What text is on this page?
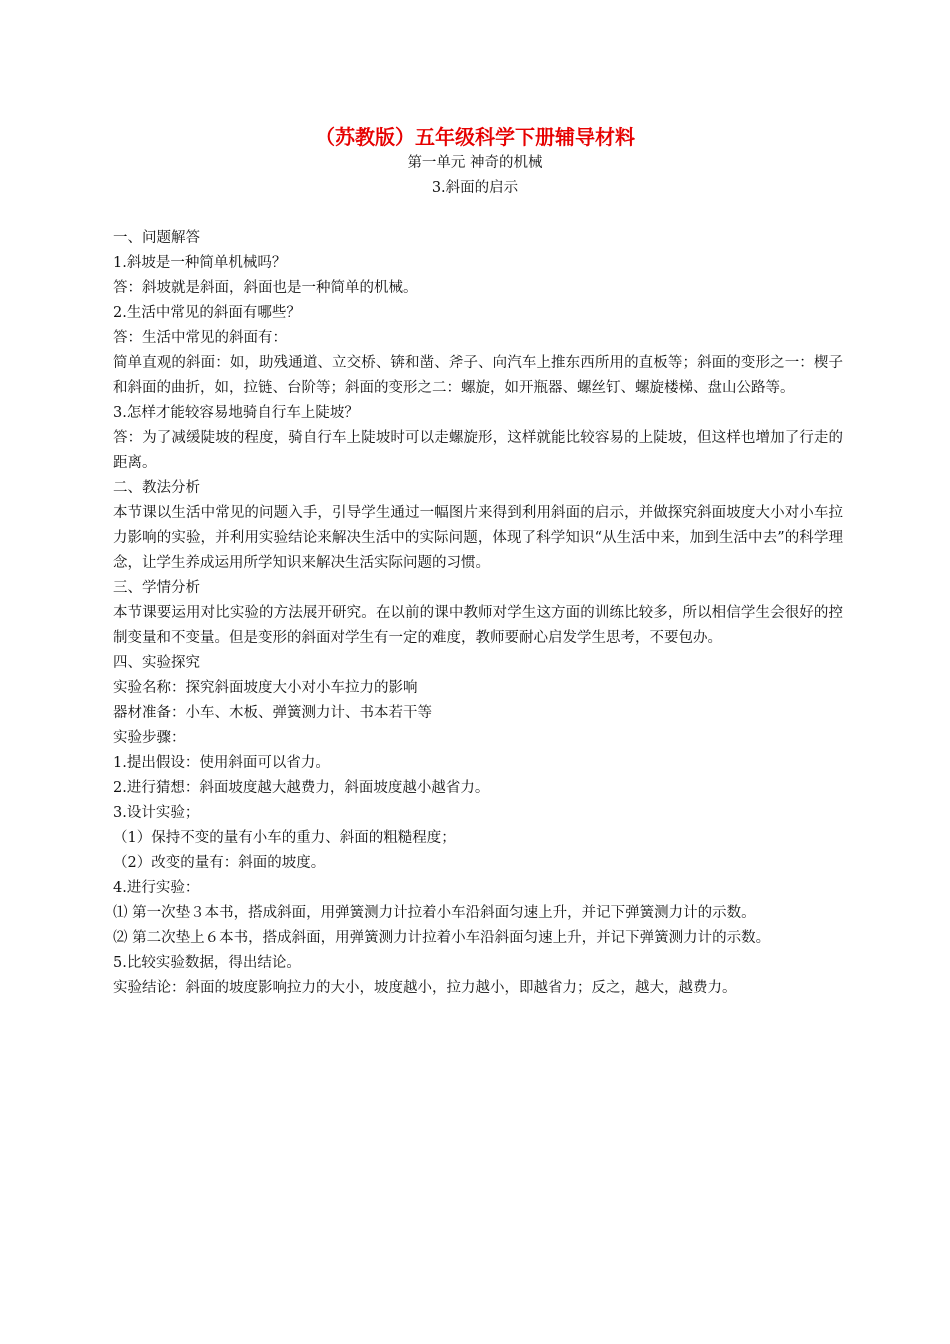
（苏教版）五年级科学下册辅导材料
第一单元 神奇的机械
3.斜面的启示

一、问题解答

1.斜坡是一种简单机械吗？

答：斜坡就是斜面，斜面也是一种简单的机械。

2.生活中常见的斜面有哪些？

答：生活中常见的斜面有：

简单直观的斜面：如，助残通道、立交桥、锛和凿、斧子、向汽车上推东西所用的直板等；斜面的变形之一：楔子和斜面的曲折，如，拉链、台阶等；斜面的变形之二：螺旋，如开瓶器、螺丝钉、螺旋楼梯、盘山公路等。

3.怎样才能较容易地骑自行车上陡坡？

答：为了减缓陡坡的程度，骑自行车上陡坡时可以走螺旋形，这样就能比较容易的上陡坡，但这样也增加了行走的距离。

二、教法分析

本节课以生活中常见的问题入手，引导学生通过一幅图片来得到利用斜面的启示，并做探究斜面坡度大小对小车拉力影响的实验，并利用实验结论来解决生活中的实际问题，体现了科学知识“从生活中来，加到生活中去”的科学理念，让学生养成运用所学知识来解决生活实际问题的习惯。

三、学情分析

本节课要运用对比实验的方法展开研究。在以前的课中教师对学生这方面的训练比较多，所以相信学生会很好的控制变量和不变量。但是变形的斜面对学生有一定的难度，教师要耐心启发学生思考，不要包办。

四、实验探究

实验名称：探究斜面坡度大小对小车拉力的影响

器材准备：小车、木板、弹簧测力计、书本若干等

实验步骤：

1.提出假设：使用斜面可以省力。

2.进行猜想：斜面坡度越大越费力，斜面坡度越小越省力。

3.设计实验；

（1）保持不变的量有小车的重力、斜面的粗糙程度；

（2）改变的量有：斜面的坡度。

4.进行实验：

⑴ 第一次垫３本书，搭成斜面，用弹簧测力计拉着小车沿斜面匀速上升，并记下弹簧测力计的示数。

⑵ 第二次垫上６本书，搭成斜面，用弹簧测力计拉着小车沿斜面匀速上升，并记下弹簧测力计的示数。

5.比较实验数据，得出结论。

实验结论：斜面的坡度影响拉力的大小，坡度越小，拉力越小，即越省力；反之，越大，越费力。
